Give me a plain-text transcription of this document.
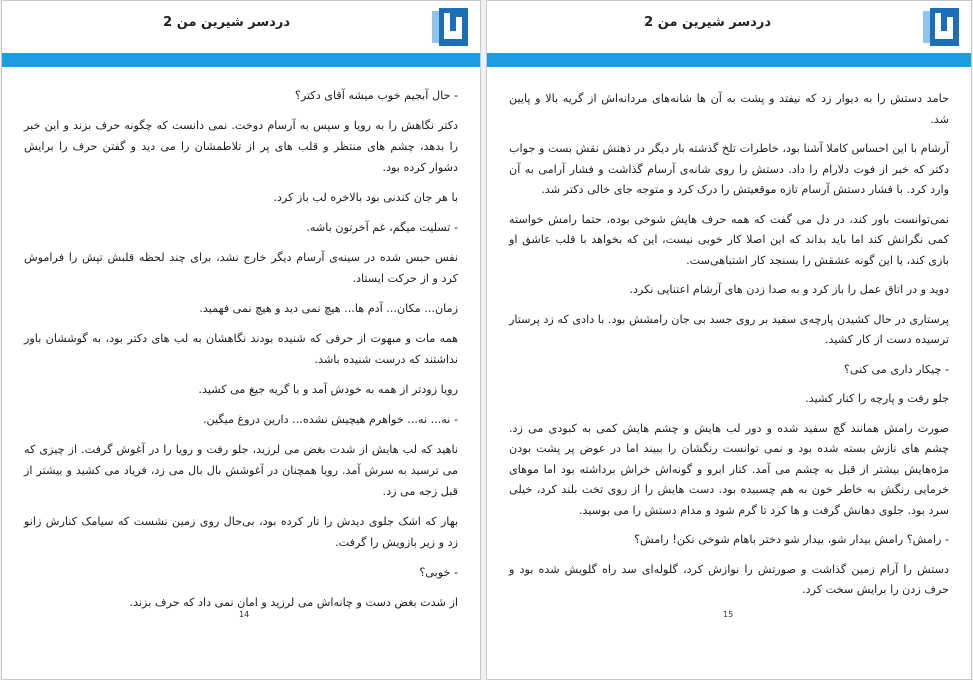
دردسر شیرین من 2

- حال آبجیم خوب میشه آقای دکتر؟

دکتر نگاهش را به رویا و سپس به آرسام دوخت. نمی دانست که چگونه حرف بزند و این خبر را بدهد، چشم های منتظر و قلب های پر از تلاطمشان را می دید و گفتن حرف را برایش دشوار کرده بود.

با هر جان کندنی بود بالاخره لب باز کرد.

- تسلیت میگم، غم آخرتون باشه.

نفس حبس شده در سینه‌ی آرسام دیگر خارج نشد، برای چند لحظه قلبش تپش را فراموش کرد و از حرکت ایستاد.

زمان... مکان... آدم ها... هیچ نمی دید و هیچ نمی فهمید.

همه مات و مبهوت از حرفی که شنیده بودند نگاهشان به لب های دکتر بود، به گوششان باور نداشتند که درست شنیده باشد.

رویا زودتر از همه به خودش آمد و با گریه جیغ می کشید.

- نه... نه... خواهرم هیچیش نشده... دارین دروغ میگین.

ناهید که لب هایش از شدت بغض می لرزید، جلو رفت و رویا را در آغوش گرفت. از چیزی که می ترسید به سرش آمد. رویا همچنان در آغوشش بال بال می زد، فریاد می کشید و بیشتر از قبل زجه می زد.

بهار که اشک جلوی دیدش را تار کرده بود، بی‌حال روی زمین نشست که سیامک کنارش زانو زد و زیر بازویش را گرفت.

- خوبی؟

از شدت بغض دست و چانه‌اش می لرزید و امان نمی داد که حرف بزند.

14
دردسر شیرین من 2

حامد دستش را به دیوار زد که نیفتد و پشت به آن ها شانه‌های مردانه‌اش از گریه بالا و پایین شد.

آرشام با این احساس کاملا آشنا بود، خاطرات تلخ گذشته بار دیگر در ذهنش نقش بست و جواب دکتر که خبر از فوت دلارام را داد. دستش را روی شانه‌ی آرسام گذاشت و فشار آرامی به آن وارد کرد. با فشار دستش آرسام تازه موقعیتش را درک کرد و متوجه جای خالی دکتر شد.

نمی‌توانست باور کند، در دل می گفت که همه حرف هایش شوخی بوده، حتما رامش خواسته کمی نگرانش کند اما باید بداند که این اصلا کار خوبی نیست، این که بخواهد با قلب عاشق او بازی کند، یا این گونه عشقش را بسنجد کار اشتباهی‌ست.

دوید و در اتاق عمل را باز کرد و به صدا زدن های آرشام اعتنایی نکرد.

پرستاری در حال کشیدن پارچه‌ی سفید بر روی جسد بی جان رامشش بود. با دادی که زد پرستار ترسیده دست از کار کشید.

- چیکار داری می کنی؟

جلو رفت و پارچه را کنار کشید.

صورت رامش همانند گچ سفید شده و دور لب هایش و چشم هایش کمی به کبودی می زد. چشم های نازش بسته شده بود و نمی توانست رنگشان را ببیند اما در عوض پر پشت بودن مژه‌هایش بیشتر از قبل به چشم می آمد. کنار ابرو و گونه‌اش خراش برداشته بود اما موهای خرمایی رنگش به خاطر خون به هم چسبیده بود. دست هایش را از روی تخت بلند کرد، خیلی سرد بود. جلوی دهانش گرفت و ها کرد تا گرم شود و مدام دستش را می بوسید.

- رامش؟ رامش بیدار شو، بیدار شو دختر باهام شوخی نکن! رامش؟

دستش را آرام زمین گذاشت و صورتش را نوازش کرد، گلوله‌ای سد راه گلویش شده بود و حرف زدن را برایش سخت کرد.

15
